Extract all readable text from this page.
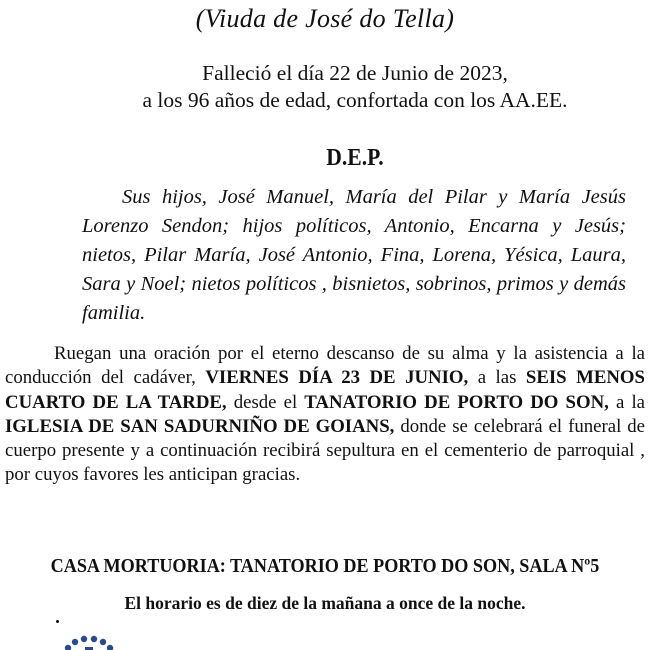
(Viuda de José do Tella)
Falleció el día 22 de Junio de 2023,
a los 96 años de edad, confortada con los AA.EE.
D.E.P.
Sus hijos, José Manuel, María del Pilar y María Jesús Lorenzo Sendon; hijos políticos, Antonio, Encarna y Jesús; nietos, Pilar María, José Antonio, Fina, Lorena, Yésica, Laura, Sara y Noel; nietos políticos , bisnietos, sobrinos, primos y demás familia.
Ruegan una oración por el eterno descanso de su alma y la asistencia a la conducción del cadáver, VIERNES DÍA 23 DE JUNIO, a las SEIS MENOS CUARTO DE LA TARDE, desde el TANATORIO DE PORTO DO SON, a la IGLESIA DE SAN SADURNIÑO DE GOIANS, donde se celebrará el funeral de cuerpo presente y a continuación recibirá sepultura en el cementerio de parroquial , por cuyos favores les anticipan gracias.
CASA MORTUORIA: TANATORIO DE PORTO DO SON, SALA Nº5
El horario es de diez de la mañana a once de la noche.
